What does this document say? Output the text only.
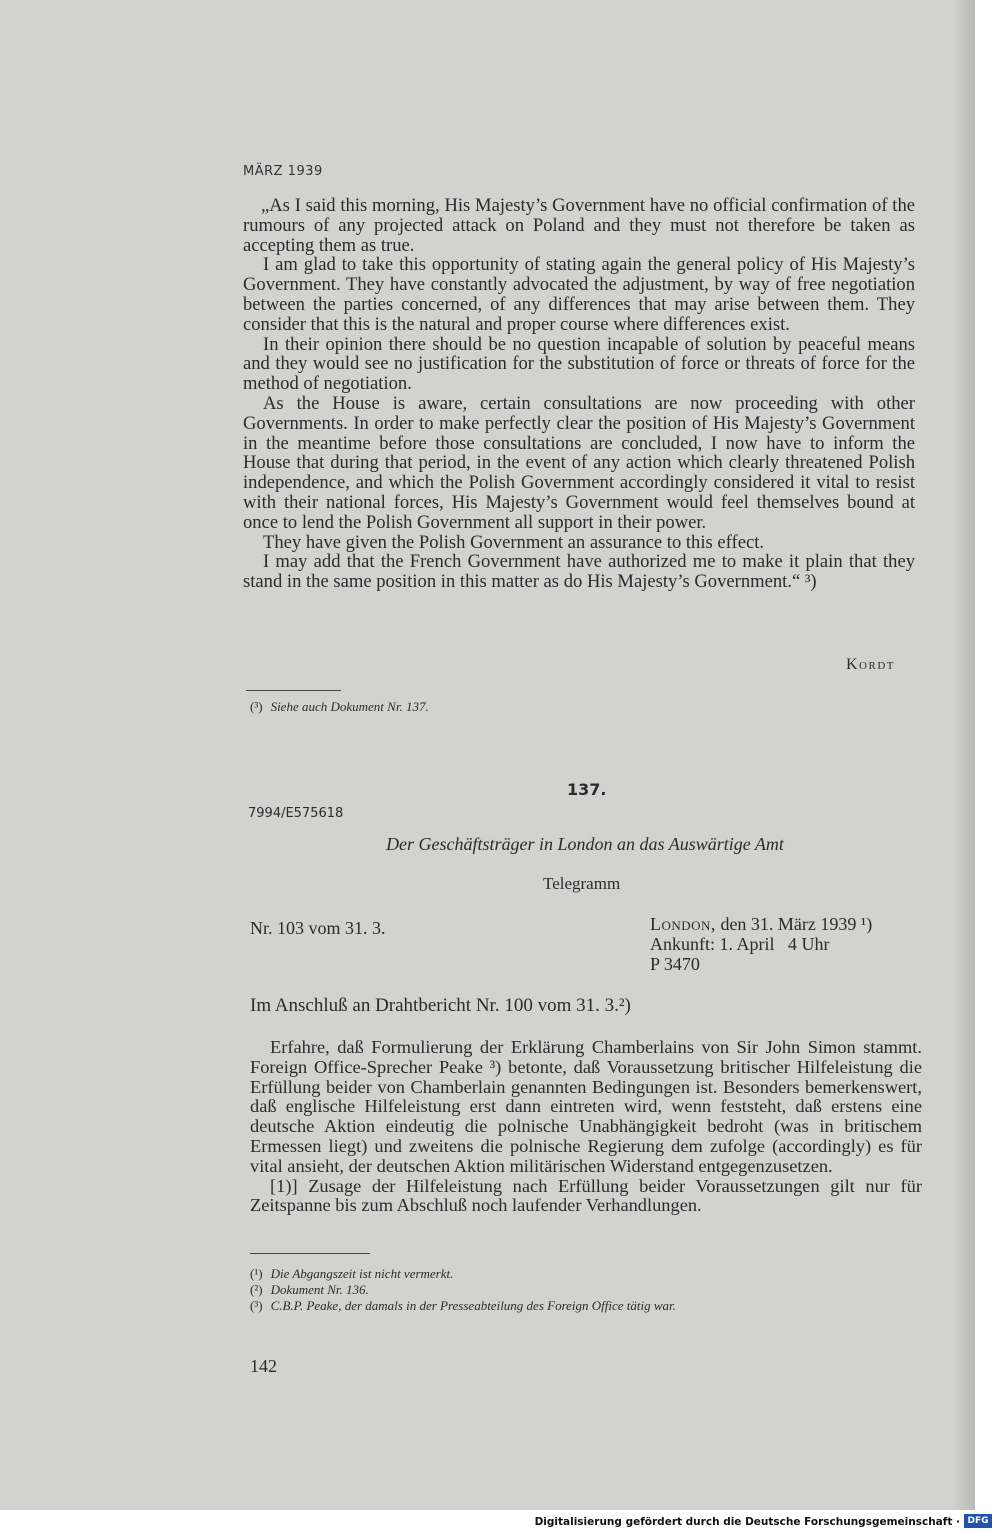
MÄRZ 1939

„As I said this morning, His Majesty’s Government have no official confirmation of the rumours of any projected attack on Poland and they must not therefore be taken as accepting them as true.

I am glad to take this opportunity of stating again the general policy of His Majesty’s Government. They have constantly advocated the adjustment, by way of free negotiation between the parties concerned, of any differences that may arise between them. They consider that this is the natural and proper course where differences exist.

In their opinion there should be no question incapable of solution by peaceful means and they would see no justification for the substitution of force or threats of force for the method of negotiation.

As the House is aware, certain consultations are now proceeding with other Governments. In order to make perfectly clear the position of His Majesty’s Government in the meantime before those consultations are concluded, I now have to inform the House that during that period, in the event of any action which clearly threatened Polish independence, and which the Polish Government accordingly considered it vital to resist with their national forces, His Majesty’s Government would feel themselves bound at once to lend the Polish Government all support in their power.

They have given the Polish Government an assurance to this effect.

I may add that the French Government have authorized me to make it plain that they stand in the same position in this matter as do His Majesty’s Government.“ ³)

Kordt
(³) Siehe auch Dokument Nr. 137.
137.
7994/E575618
Der Geschäftsträger in London an das Auswärtige Amt
Telegramm
Nr. 103 vom 31. 3.	London, den 31. März 1939 ¹)
Ankunft: 1. April   4 Uhr
P 3470
Im Anschluß an Drahtbericht Nr. 100 vom 31. 3.²)

Erfahre, daß Formulierung der Erklärung Chamberlains von Sir John Simon stammt. Foreign Office-Sprecher Peake ³) betonte, daß Voraussetzung britischer Hilfeleistung die Erfüllung beider von Chamberlain genannten Bedingungen ist. Besonders bemerkenswert, daß englische Hilfeleistung erst dann eintreten wird, wenn feststeht, daß erstens eine deutsche Aktion eindeutig die polnische Unabhängigkeit bedroht (was in britischem Ermessen liegt) und zweitens die polnische Regierung dem zufolge (accordingly) es für vital ansieht, der deutschen Aktion militärischen Widerstand entgegenzusetzen.

[1)] Zusage der Hilfeleistung nach Erfüllung beider Voraussetzungen gilt nur für Zeitspanne bis zum Abschluß noch laufender Verhandlungen.

(¹) Die Abgangszeit ist nicht vermerkt.
(²) Dokument Nr. 136.
(³) C.B.P. Peake, der damals in der Presseabteilung des Foreign Office tätig war.
142
Digitalisierung gefördert durch die Deutsche Forschungsgemeinschaft · DFG
